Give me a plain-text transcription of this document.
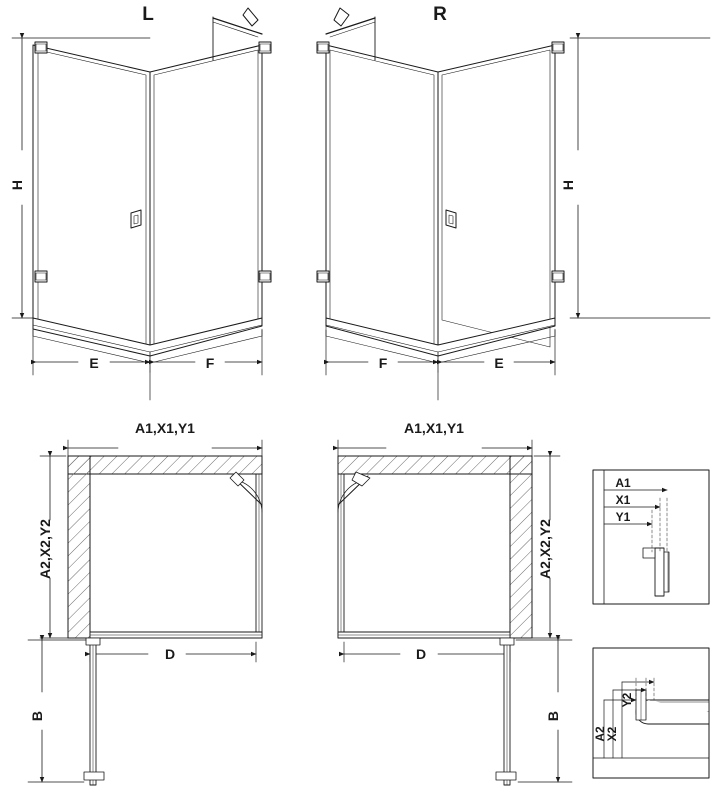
H
E	F
L
H
F	E
R
A1,X1,Y1
A2,X2,Y2
D
B
A1,X1,Y1
A2,X2,Y2
D
B
A1
X1
Y1
A2
X2
Y2
